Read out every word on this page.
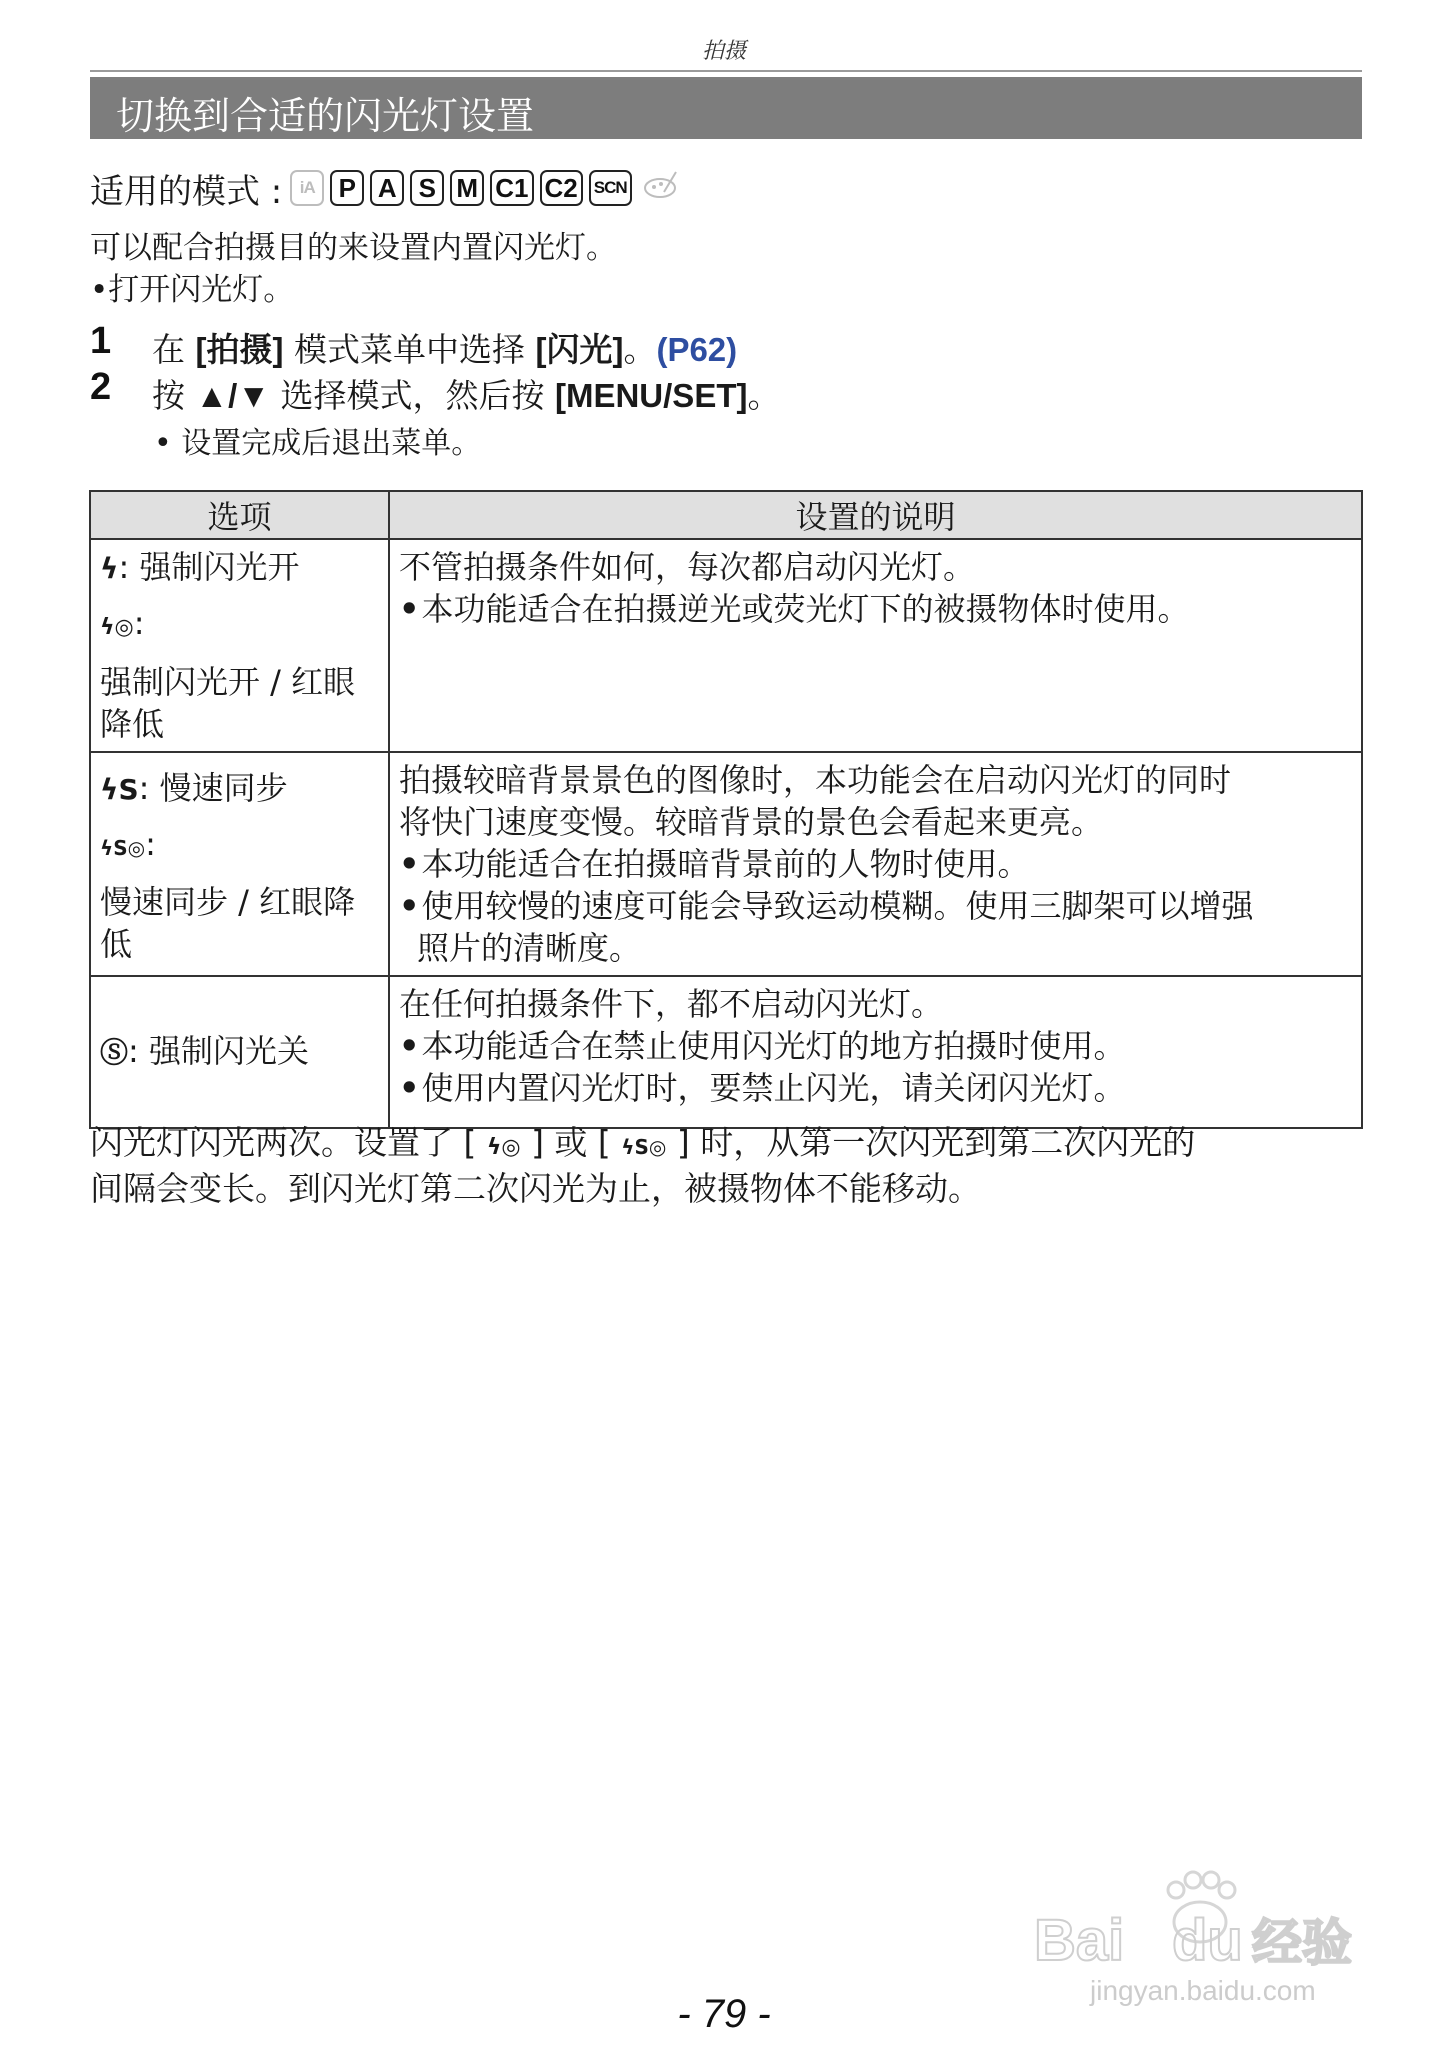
拍摄
切换到合适的闪光灯设置
适用的模式 :	iA P A S M C1 C2 SCN
可以配合拍摄目的来设置内置闪光灯。
•打开闪光灯。
1 在 [拍摄] 模式菜单中选择 [闪光]。(P62)
2 按 ▲/▼ 选择模式，然后按 [MENU/SET]。
• 设置完成后退出菜单。
选项	设置的说明

ϟ: 强制闪光开
ϟ◎:
强制闪光开 / 红眼
降低	不管拍摄条件如何，每次都启动闪光灯。
•本功能适合在拍摄逆光或荧光灯下的被摄物体时使用。

ϟS: 慢速同步
ϟS◎:
慢速同步 / 红眼降
低	拍摄较暗背景景色的图像时，本功能会在启动闪光灯的同时
将快门速度变慢。较暗背景的景色会看起来更亮。
•本功能适合在拍摄暗背景前的人物时使用。
•使用较慢的速度可能会导致运动模糊。使用三脚架可以增强
照片的清晰度。

Ⓢ: 强制闪光关	在任何拍摄条件下，都不启动闪光灯。
•本功能适合在禁止使用闪光灯的地方拍摄时使用。
•使用内置闪光灯时，要禁止闪光，请关闭闪光灯。
闪光灯闪光两次。设置了 [ ϟ◎ ] 或 [ ϟS◎ ] 时，从第一次闪光到第二次闪光的
间隔会变长。到闪光灯第二次闪光为止，被摄物体不能移动。
Bai du 经验
jingyan.baidu.com
- 79 -
